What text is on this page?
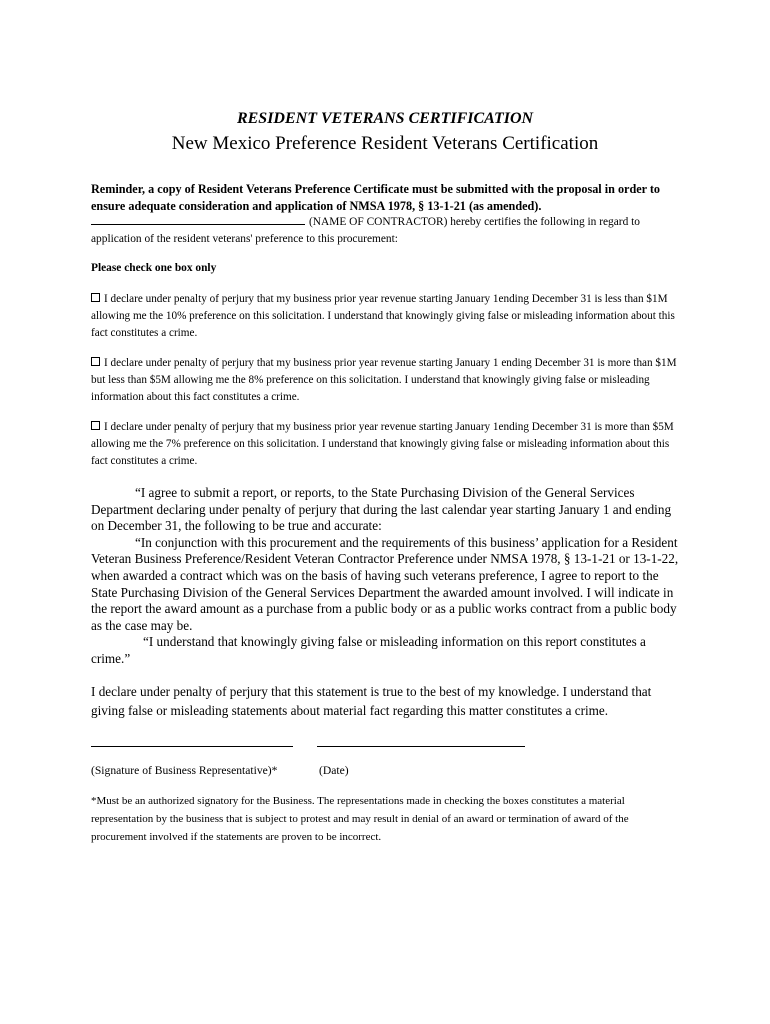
RESIDENT VETERANS CERTIFICATION
New Mexico Preference Resident Veterans Certification
Reminder, a copy of Resident Veterans Preference Certificate must be submitted with the proposal in order to ensure adequate consideration and application of NMSA 1978, § 13-1-21 (as amended).
(NAME OF CONTRACTOR) hereby certifies the following in regard to application of the resident veterans' preference to this procurement:
Please check one box only
I declare under penalty of perjury that my business prior year revenue starting January 1ending December 31 is less than $1M allowing me the 10% preference on this solicitation. I understand that knowingly giving false or misleading information about this fact constitutes a crime.
I declare under penalty of perjury that my business prior year revenue starting January 1 ending December 31 is more than $1M but less than $5M allowing me the 8% preference on this solicitation. I understand that knowingly giving false or misleading information about this fact constitutes a crime.
I declare under penalty of perjury that my business prior year revenue starting January 1ending December 31 is more than $5M allowing me the 7% preference on this solicitation. I understand that knowingly giving false or misleading information about this fact constitutes a crime.

“I agree to submit a report, or reports, to the State Purchasing Division of the General Services Department declaring under penalty of perjury that during the last calendar year starting January 1 and ending on December 31, the following to be true and accurate:

“In conjunction with this procurement and the requirements of this business’ application for a Resident Veteran Business Preference/Resident Veteran Contractor Preference under NMSA 1978, § 13-1-21 or 13-1-22, when awarded a contract which was on the basis of having such veterans preference, I agree to report to the State Purchasing Division of the General Services Department the awarded amount involved. I will indicate in the report the award amount as a purchase from a public body or as a public works contract from a public body as the case may be.

“I understand that knowingly giving false or misleading information on this report constitutes a crime.”

I declare under penalty of perjury that this statement is true to the best of my knowledge. I understand that giving false or misleading statements about material fact regarding this matter constitutes a crime.
(Signature of Business Representative)*	(Date)
*Must be an authorized signatory for the Business. The representations made in checking the boxes constitutes a material representation by the business that is subject to protest and may result in denial of an award or termination of award of the procurement involved if the statements are proven to be incorrect.
